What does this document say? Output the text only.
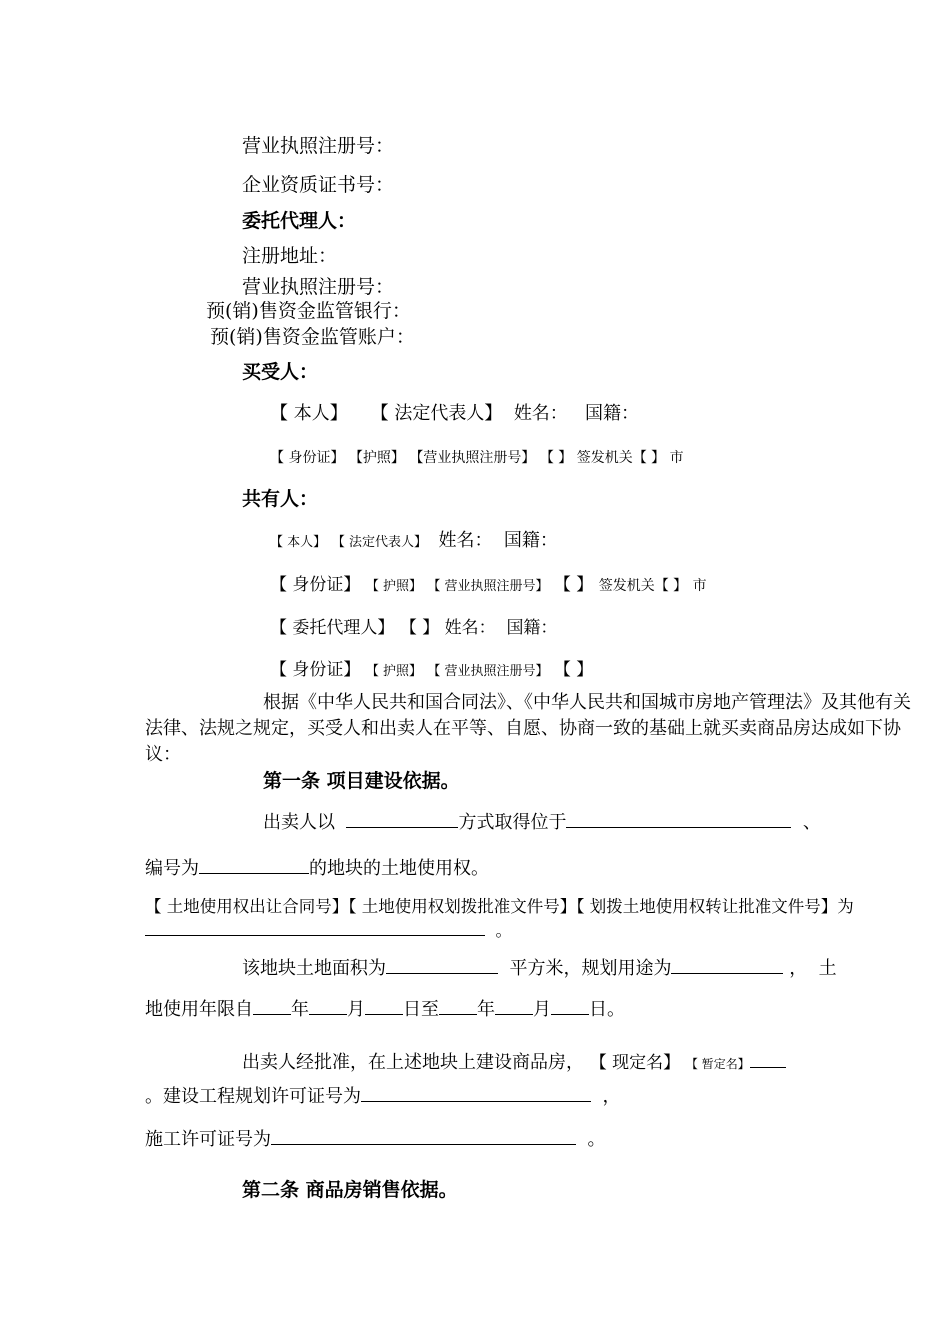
营业执照注册号：
企业资质证书号：
委托代理人：
注册地址：
营业执照注册号：
预(销)售资金监管银行：
预(销)售资金监管账户：
买受人：
【 本人】 【 法定代表人】 姓名： 国籍：
【 身份证】 【护照】 【营业执照注册号】 【 】 签发机关【 】 市
共有人：
【 本人】 【 法定代表人】 姓名： 国籍：
【 身份证】 【 护照】 【 营业执照注册号】 【 】 签发机关【 】 市
【 委托代理人】 【 】 姓名： 国籍：
【 身份证】 【 护照】 【 营业执照注册号】 【 】
根据《中华人民共和国合同法》、《中华人民共和国城市房地产管理法》及其他有关法律、法规之规定，买受人和出卖人在平等、自愿、协商一致的基础上就买卖商品房达成如下协议：
第一条 项目建设依据。
出卖人以	方式取得位于	、
编号为	的地块的土地使用权。
【 土地使用权出让合同号】【 土地使用权划拨批准文件号】【 划拨土地使用权转让批准文件号】为  。
该地块土地面积为	平方米，规划用途为	， 土
地使用年限自 年 月 日至 年 月 日。
出卖人经批准，在上述地块上建设商品房， 【 现定名】 【 暂定名】
。建设工程规划许可证号为	，
施工许可证号为	。
第二条 商品房销售依据。
